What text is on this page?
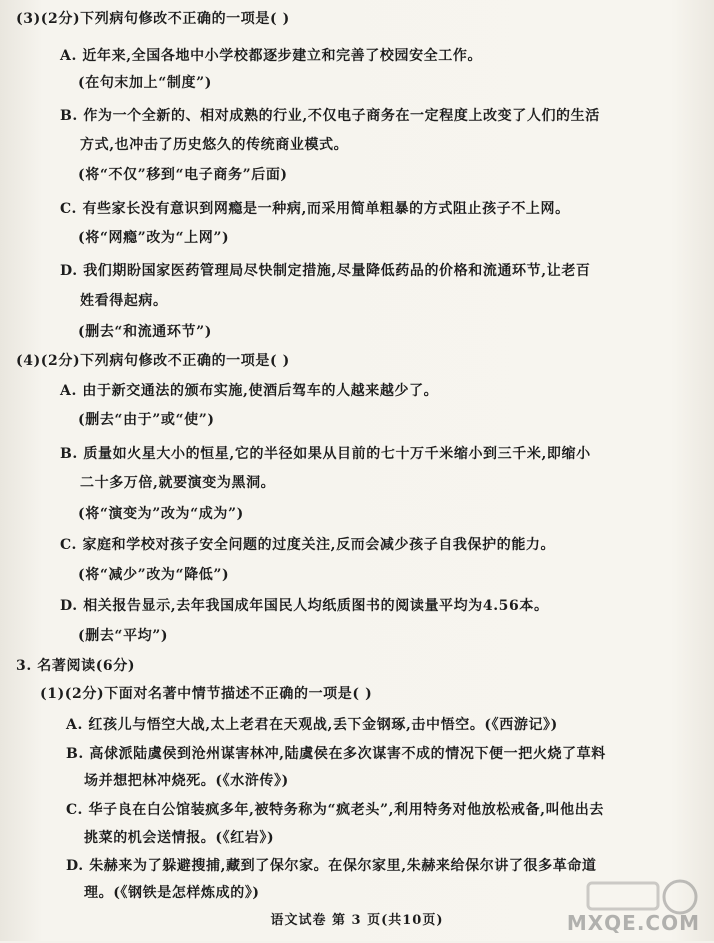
(3)(2分)下列病句修改不正确的一项是( )
A. 近年来,全国各地中小学校都逐步建立和完善了校园安全工作。
(在句末加上“制度”)
B. 作为一个全新的、相对成熟的行业,不仅电子商务在一定程度上改变了人们的生活
方式,也冲击了历史悠久的传统商业模式。
(将“不仅”移到“电子商务”后面)
C. 有些家长没有意识到网瘾是一种病,而采用简单粗暴的方式阻止孩子不上网。
(将“网瘾”改为“上网”)
D. 我们期盼国家医药管理局尽快制定措施,尽量降低药品的价格和流通环节,让老百
姓看得起病。
(删去“和流通环节”)
(4)(2分)下列病句修改不正确的一项是( )
A. 由于新交通法的颁布实施,使酒后驾车的人越来越少了。
(删去“由于”或“使”)
B. 质量如火星大小的恒星,它的半径如果从目前的七十万千米缩小到三千米,即缩小
二十多万倍,就要演变为黑洞。
(将“演变为”改为“成为”)
C. 家庭和学校对孩子安全问题的过度关注,反而会减少孩子自我保护的能力。
(将“减少”改为“降低”)
D. 相关报告显示,去年我国成年国民人均纸质图书的阅读量平均为4.56本。
(删去“平均”)
3. 名著阅读(6分)
(1)(2分)下面对名著中情节描述不正确的一项是( )
A. 红孩儿与悟空大战,太上老君在天观战,丢下金钢琢,击中悟空。(《西游记》)
B. 高俅派陆虞侯到沧州谋害林冲,陆虞侯在多次谋害不成的情况下便一把火烧了草料
场并想把林冲烧死。(《水浒传》)
C. 华子良在白公馆装疯多年,被特务称为“疯老头”,利用特务对他放松戒备,叫他出去
挑菜的机会送情报。(《红岩》)
D. 朱赫来为了躲避搜捕,藏到了保尔家。在保尔家里,朱赫来给保尔讲了很多革命道
理。(《钢铁是怎样炼成的》)
语文试卷 第 3 页(共10页)	MXQE.COM
